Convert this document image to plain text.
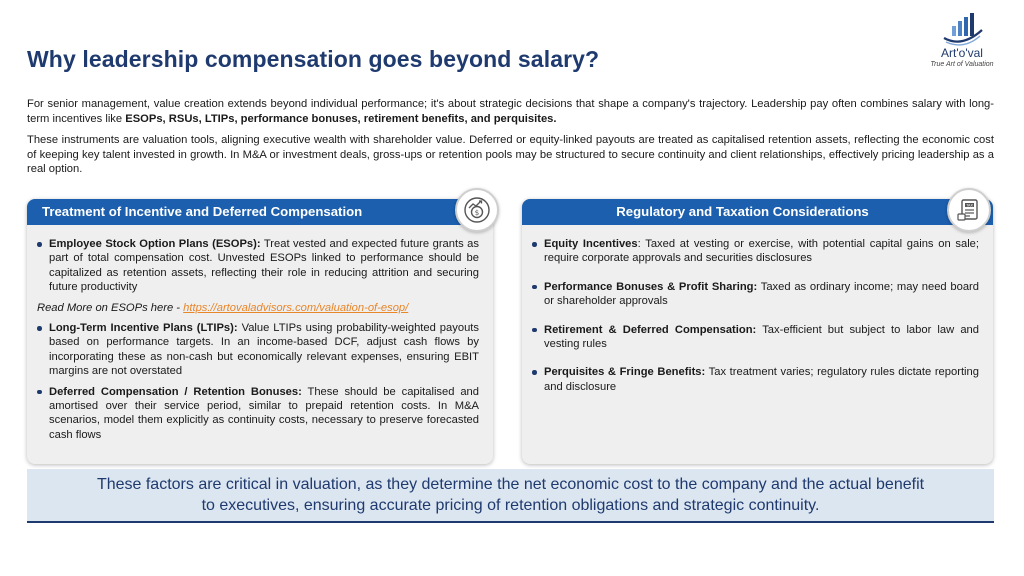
Why leadership compensation goes beyond salary?	Art'o'val
True Art of Valuation

For senior management, value creation extends beyond individual performance; it's about strategic decisions that shape a company's trajectory. Leadership pay often combines salary with long-term incentives like ESOPs, RSUs, LTIPs, performance bonuses, retirement benefits, and perquisites.

These instruments are valuation tools, aligning executive wealth with shareholder value. Deferred or equity-linked payouts are treated as capitalised retention assets, reflecting the economic cost of keeping key talent invested in growth. In M&A or investment deals, gross-ups or retention pools may be structured to secure continuity and client relationships, effectively pricing leadership as a real option.

Treatment of Incentive and Deferred Compensation	$
Employee Stock Option Plans (ESOPs): Treat vested and expected future grants as part of total compensation cost. Unvested ESOPs linked to performance should be capitalized as retention assets, reflecting their role in reducing attrition and securing future productivity

Read More on ESOPs here - https://artovaladvisors.com/valuation-of-esop/

Long-Term Incentive Plans (LTIPs): Value LTIPs using probability-weighted payouts based on performance targets. In an income-based DCF, adjust cash flows by incorporating these as non-cash but economically relevant expenses, ensuring EBIT margins are not overstated
Deferred Compensation / Retention Bonuses: These should be capitalised and amortised over their service period, similar to prepaid retention costs. In M&A scenarios, model them explicitly as continuity costs, necessary to preserve forecasted cash flows
Regulatory and Taxation Considerations	TAX
Equity Incentives: Taxed at vesting or exercise, with potential capital gains on sale; require corporate approvals and securities disclosures
Performance Bonuses & Profit Sharing: Taxed as ordinary income; may need board or shareholder approvals
Retirement & Deferred Compensation: Tax-efficient but subject to labor law and vesting rules
Perquisites & Fringe Benefits: Tax treatment varies; regulatory rules dictate reporting and disclosure
These factors are critical in valuation, as they determine the net economic cost to the company and the actual benefit
to executives, ensuring accurate pricing of retention obligations and strategic continuity.
